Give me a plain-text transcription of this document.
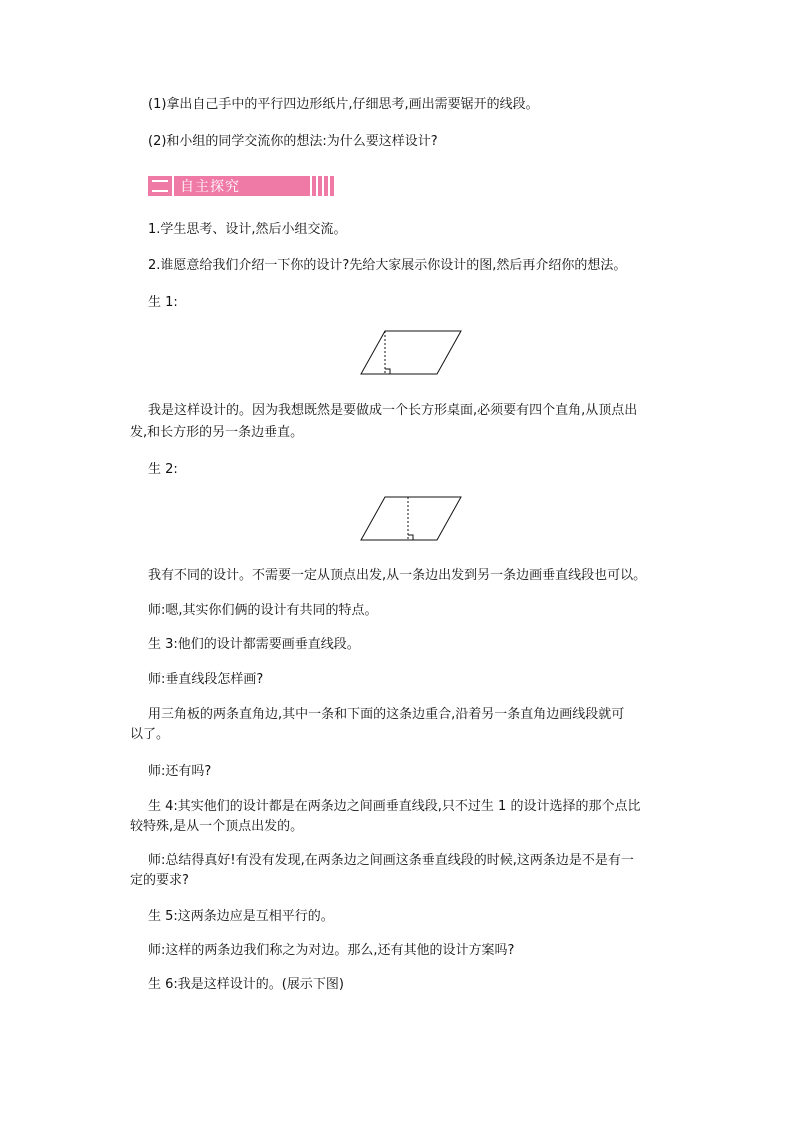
(1)拿出自己手中的平行四边形纸片,仔细思考,画出需要锯开的线段。
(2)和小组的同学交流你的想法:为什么要这样设计?
自主探究
1.学生思考、设计,然后小组交流。
2.谁愿意给我们介绍一下你的设计?先给大家展示你设计的图,然后再介绍你的想法。
生 1:
我是这样设计的。因为我想既然是要做成一个长方形桌面,必须要有四个直角,从顶点出
发,和长方形的另一条边垂直。
生 2:
我有不同的设计。不需要一定从顶点出发,从一条边出发到另一条边画垂直线段也可以。
师:嗯,其实你们俩的设计有共同的特点。
生 3:他们的设计都需要画垂直线段。
师:垂直线段怎样画?
用三角板的两条直角边,其中一条和下面的这条边重合,沿着另一条直角边画线段就可
以了。
师:还有吗?
生 4:其实他们的设计都是在两条边之间画垂直线段,只不过生 1 的设计选择的那个点比
较特殊,是从一个顶点出发的。
师:总结得真好!有没有发现,在两条边之间画这条垂直线段的时候,这两条边是不是有一
定的要求?
生 5:这两条边应是互相平行的。
师:这样的两条边我们称之为对边。那么,还有其他的设计方案吗?
生 6:我是这样设计的。(展示下图)
